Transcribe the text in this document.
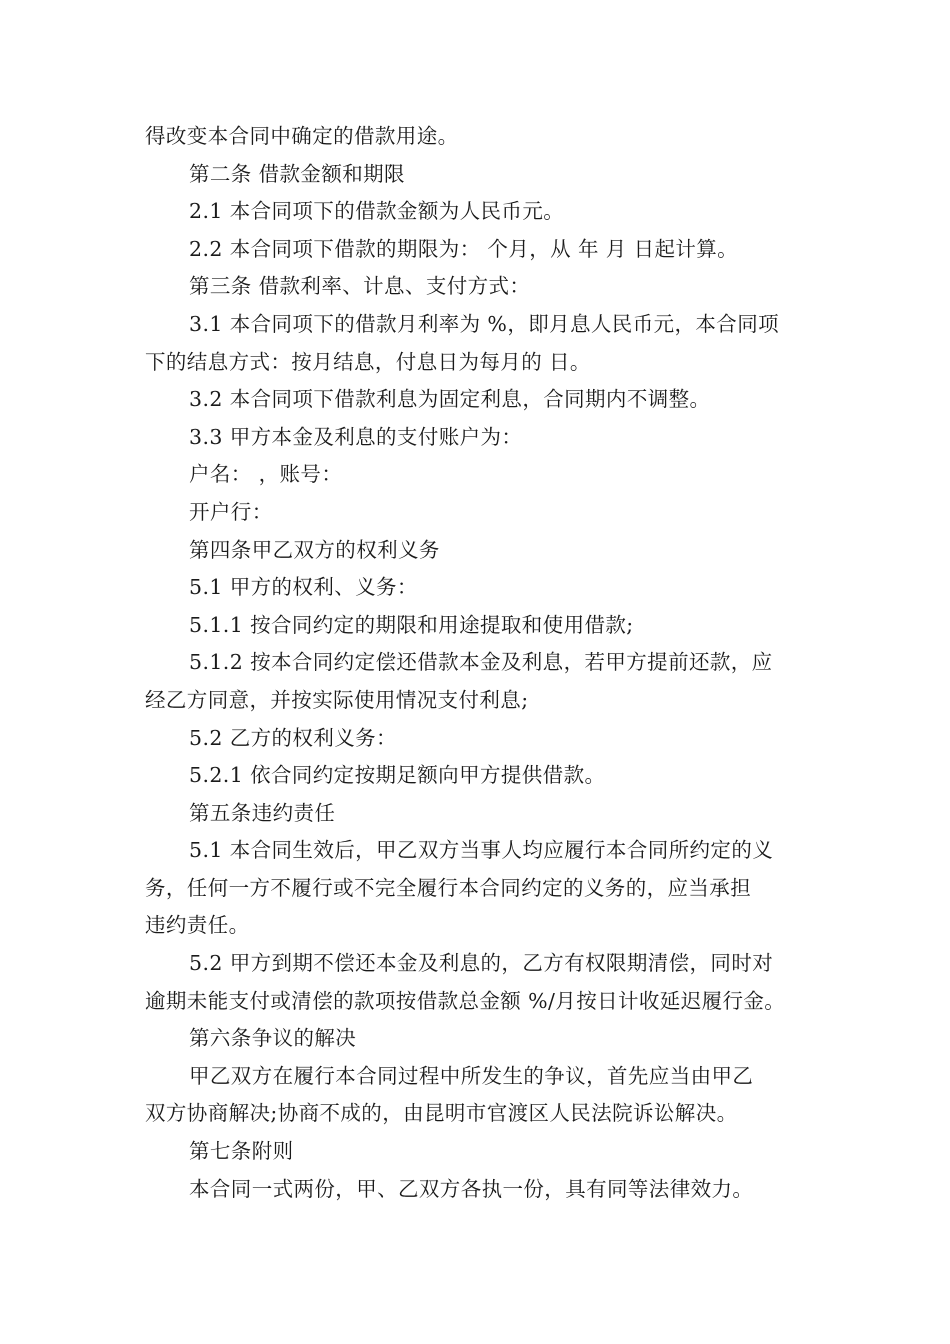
得改变本合同中确定的借款用途。
第二条 借款金额和期限
2.1 本合同项下的借款金额为人民币元。
2.2 本合同项下借款的期限为： 个月，从 年 月 日起计算。
第三条 借款利率、计息、支付方式：
3.1 本合同项下的借款月利率为 %，即月息人民币元，本合同项
下的结息方式：按月结息，付息日为每月的 日。
3.2 本合同项下借款利息为固定利息，合同期内不调整。
3.3 甲方本金及利息的支付账户为：
户名： ，账号：
开户行：
第四条甲乙双方的权利义务
5.1 甲方的权利、义务：
5.1.1 按合同约定的期限和用途提取和使用借款;
5.1.2 按本合同约定偿还借款本金及利息，若甲方提前还款，应
经乙方同意，并按实际使用情况支付利息;
5.2 乙方的权利义务：
5.2.1 依合同约定按期足额向甲方提供借款。
第五条违约责任
5.1 本合同生效后，甲乙双方当事人均应履行本合同所约定的义
务，任何一方不履行或不完全履行本合同约定的义务的，应当承担
违约责任。
5.2 甲方到期不偿还本金及利息的，乙方有权限期清偿，同时对
逾期未能支付或清偿的款项按借款总金额 %/月按日计收延迟履行金。
第六条争议的解决
甲乙双方在履行本合同过程中所发生的争议，首先应当由甲乙
双方协商解决;协商不成的，由昆明市官渡区人民法院诉讼解决。
第七条附则
本合同一式两份，甲、乙双方各执一份，具有同等法律效力。
